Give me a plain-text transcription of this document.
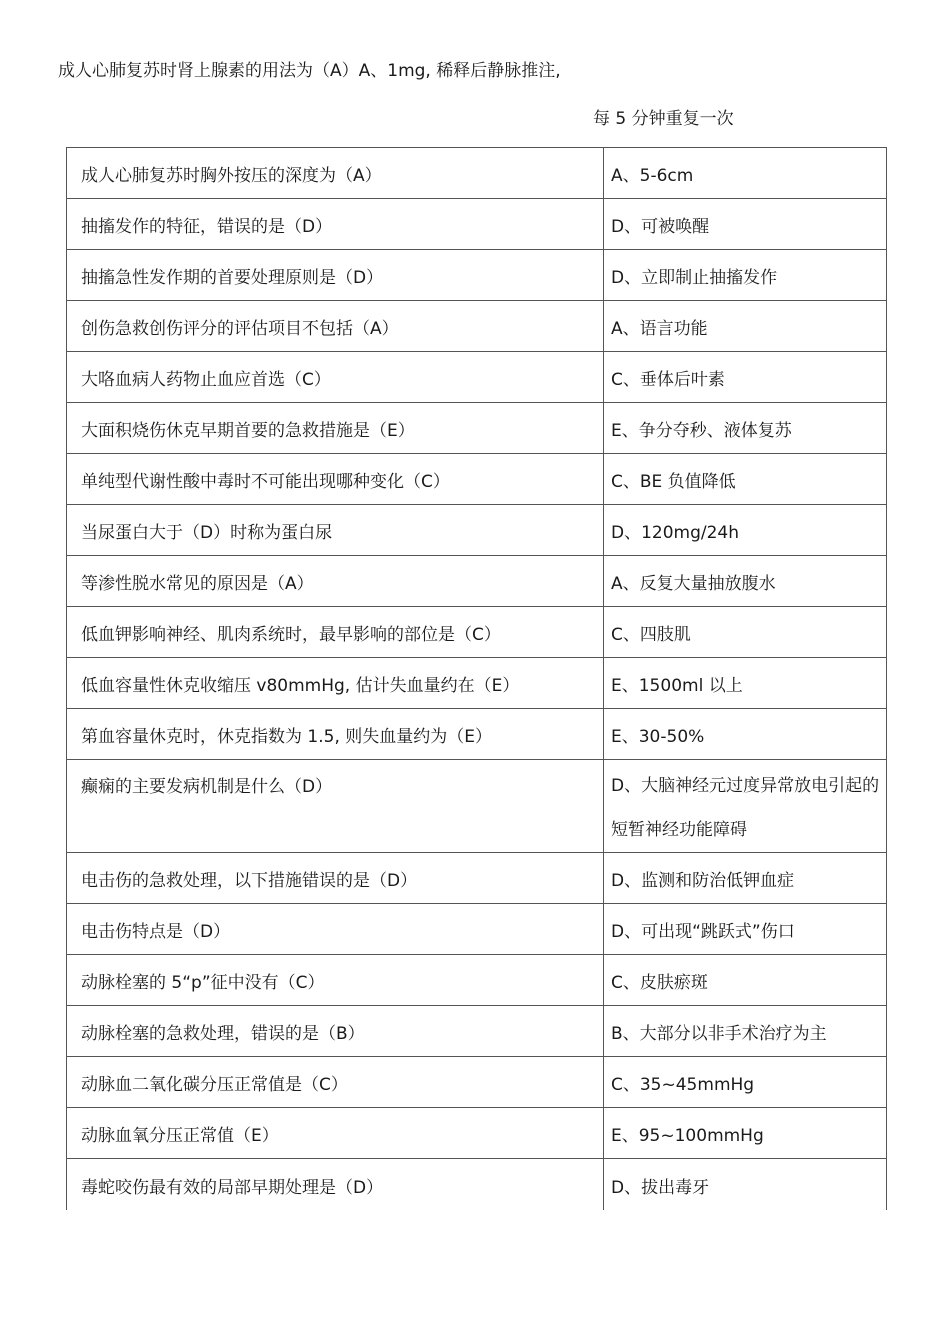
成人心肺复苏时肾上腺素的用法为（A）A、1mg, 稀释后静脉推注,
每 5 分钟重复一次
成人心肺复苏时胸外按压的深度为（A）	A、5-6cm
抽搐发作的特征，错误的是（D）	D、可被唤醒
抽搐急性发作期的首要处理原则是（D）	D、立即制止抽搐发作
创伤急救创伤评分的评估项目不包括（A）	A、语言功能
大咯血病人药物止血应首选（C）	C、垂体后叶素
大面积烧伤休克早期首要的急救措施是（E）	E、争分夺秒、液体复苏
单纯型代谢性酸中毒时不可能出现哪种变化（C）	C、BE 负值降低
当尿蛋白大于（D）时称为蛋白尿	D、120mg/24h
等渗性脱水常见的原因是（A）	A、反复大量抽放腹水
低血钾影响神经、肌肉系统时，最早影响的部位是（C）	C、四肢肌
低血容量性休克收缩压 v80mmHg, 估计失血量约在（E）	E、1500ml 以上
第血容量休克时，休克指数为 1.5, 则失血量约为（E）	E、30-50%
癫痫的主要发病机制是什么（D）	D、大脑神经元过度异常放电引起的短暂神经功能障碍
电击伤的急救处理，以下措施错误的是（D）	D、监测和防治低钾血症
电击伤特点是（D）	D、可出现“跳跃式”伤口
动脉栓塞的 5“p”征中没有（C）	C、皮肤瘀斑
动脉栓塞的急救处理，错误的是（B）	B、大部分以非手术治疗为主
动脉血二氧化碳分压正常值是（C）	C、35~45mmHg
动脉血氧分压正常值（E）	E、95~100mmHg
毒蛇咬伤最有效的局部早期处理是（D）	D、拔出毒牙
